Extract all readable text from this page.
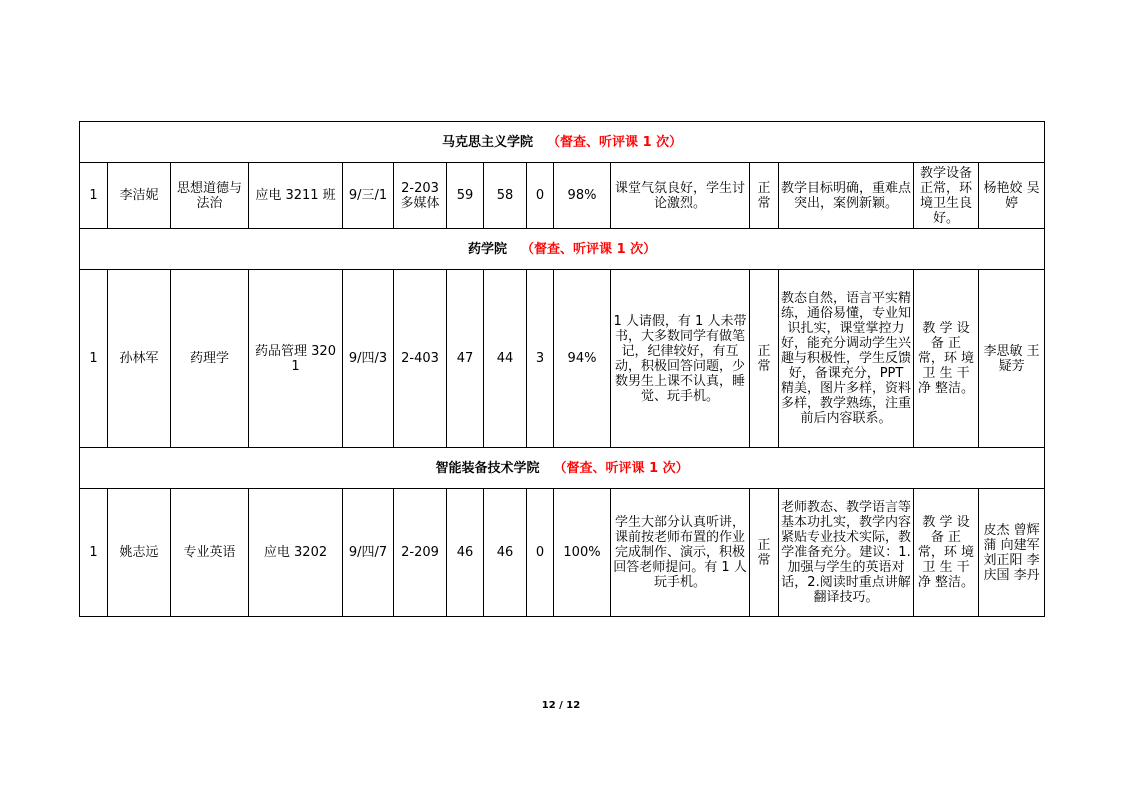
马克思主义学院 （督查、听评课 1 次）														
1	李洁妮	思想道德与法治	应电 3211 班	9/三/1	2-203 多媒体	59	58	0	98%	课堂气氛良好，学生讨论激烈。	正常	教学目标明确，重难点突出，案例新颖。	教学设备正常，环境卫生良好。	杨艳姣 吴婷
药学院 （督查、听评课 1 次）														
1	孙林军	药理学	药品管理 3201	9/四/3	2-403	47	44	3	94%	1 人请假，有 1 人未带书，大多数同学有做笔记，纪律较好，有互动，积极回答问题，少数男生上课不认真，睡觉、玩手机。	正常	教态自然，语言平实精练，通俗易懂，专业知识扎实，课堂掌控力好，能充分调动学生兴趣与积极性，学生反馈好，备课充分，PPT 精美，图片多样，资料多样，教学熟练，注重前后内容联系。	教 学 设 备 正 常，环 境 卫 生 干 净 整洁。	李思敏 王疑芳
智能装备技术学院 （督查、听评课 1 次）														
1	姚志远	专业英语	应电 3202	9/四/7	2-209	46	46	0	100%	学生大部分认真听讲，课前按老师布置的作业完成制作、演示，积极回答老师提问。有 1 人玩手机。	正常	老师教态、教学语言等基本功扎实，教学内容紧贴专业技术实际，教学准备充分。建议：1.加强与学生的英语对话，2.阅读时重点讲解翻译技巧。	教 学 设 备 正 常，环 境 卫 生 干 净 整洁。	皮杰 曾辉蒲 向建军 刘正阳 李庆国 李丹
12 / 12
